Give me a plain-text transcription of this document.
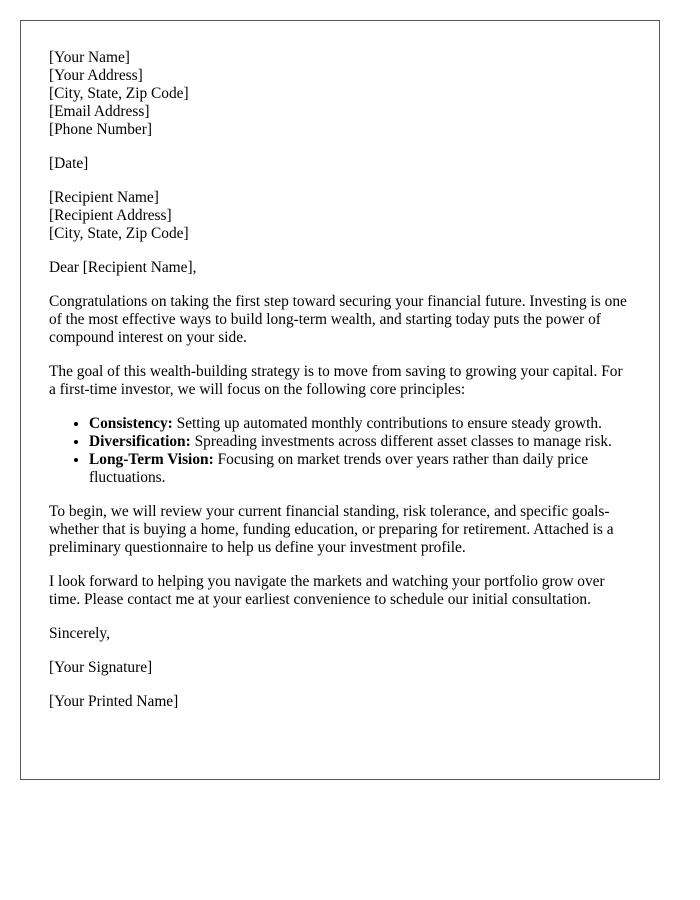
[Your Name]
[Your Address]
[City, State, Zip Code]
[Email Address]
[Phone Number]
[Date]
[Recipient Name]
[Recipient Address]
[City, State, Zip Code]

Dear [Recipient Name],

Congratulations on taking the first step toward securing your financial future. Investing is one of the most effective ways to build long-term wealth, and starting today puts the power of compound interest on your side.

The goal of this wealth-building strategy is to move from saving to growing your capital. For a first-time investor, we will focus on the following core principles:

• Consistency: Setting up automated monthly contributions to ensure steady growth.
• Diversification: Spreading investments across different asset classes to manage risk.
• Long-Term Vision: Focusing on market trends over years rather than daily price fluctuations.

To begin, we will review your current financial standing, risk tolerance, and specific goals-whether that is buying a home, funding education, or preparing for retirement. Attached is a preliminary questionnaire to help us define your investment profile.

I look forward to helping you navigate the markets and watching your portfolio grow over time. Please contact me at your earliest convenience to schedule our initial consultation.

Sincerely,

[Your Signature]

[Your Printed Name]
